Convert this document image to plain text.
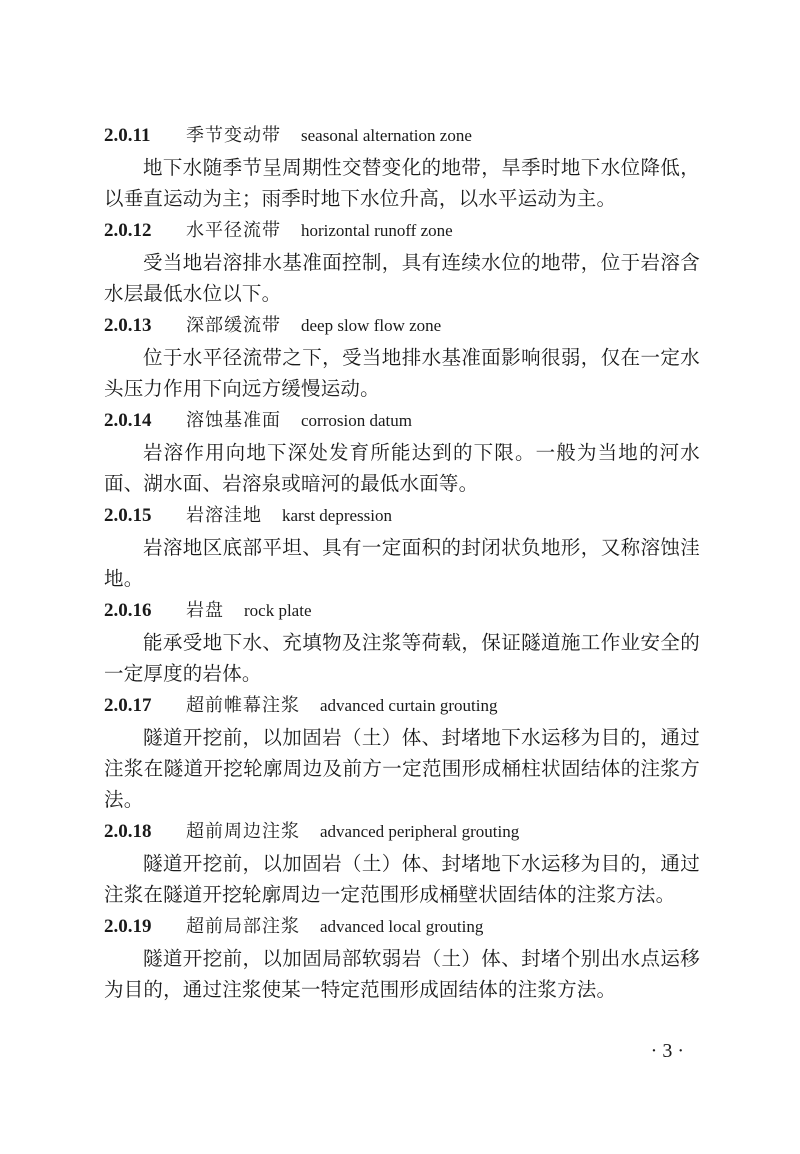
2.0.11 季节变动带 seasonal alternation zone

地下水随季节呈周期性交替变化的地带，旱季时地下水位降低，以垂直运动为主；雨季时地下水位升高，以水平运动为主。

2.0.12 水平径流带 horizontal runoff zone

受当地岩溶排水基准面控制，具有连续水位的地带，位于岩溶含水层最低水位以下。

2.0.13 深部缓流带 deep slow flow zone

位于水平径流带之下，受当地排水基准面影响很弱，仅在一定水头压力作用下向远方缓慢运动。

2.0.14 溶蚀基准面 corrosion datum

岩溶作用向地下深处发育所能达到的下限。一般为当地的河水面、湖水面、岩溶泉或暗河的最低水面等。

2.0.15 岩溶洼地 karst depression

岩溶地区底部平坦、具有一定面积的封闭状负地形，又称溶蚀洼地。

2.0.16 岩盘 rock plate

能承受地下水、充填物及注浆等荷载，保证隧道施工作业安全的一定厚度的岩体。

2.0.17 超前帷幕注浆 advanced curtain grouting

隧道开挖前，以加固岩（土）体、封堵地下水运移为目的，通过注浆在隧道开挖轮廓周边及前方一定范围形成桶柱状固结体的注浆方法。

2.0.18 超前周边注浆 advanced peripheral grouting

隧道开挖前，以加固岩（土）体、封堵地下水运移为目的，通过注浆在隧道开挖轮廓周边一定范围形成桶壁状固结体的注浆方法。

2.0.19 超前局部注浆 advanced local grouting

隧道开挖前，以加固局部软弱岩（土）体、封堵个别出水点运移为目的，通过注浆使某一特定范围形成固结体的注浆方法。

· 3 ·
